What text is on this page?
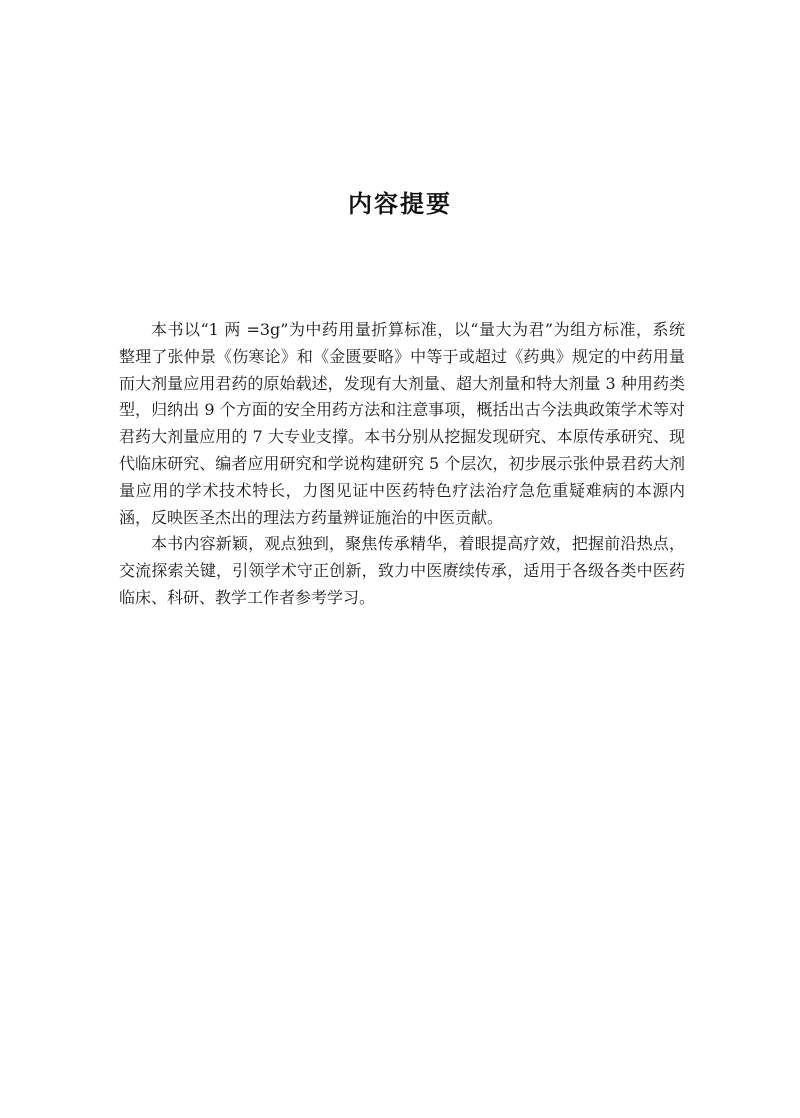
内容提要

本书以“1 两 =3g”为中药用量折算标准，以“量大为君”为组方标准，系统整理了张仲景《伤寒论》和《金匮要略》中等于或超过《药典》规定的中药用量而大剂量应用君药的原始载述，发现有大剂量、超大剂量和特大剂量 3 种用药类型，归纳出 9 个方面的安全用药方法和注意事项，概括出古今法典政策学术等对君药大剂量应用的 7 大专业支撑。本书分别从挖掘发现研究、本原传承研究、现代临床研究、编者应用研究和学说构建研究 5 个层次，初步展示张仲景君药大剂量应用的学术技术特长，力图见证中医药特色疗法治疗急危重疑难病的本源内涵，反映医圣杰出的理法方药量辨证施治的中医贡献。

本书内容新颖，观点独到，聚焦传承精华，着眼提高疗效，把握前沿热点，交流探索关键，引领学术守正创新，致力中医赓续传承，适用于各级各类中医药临床、科研、教学工作者参考学习。
